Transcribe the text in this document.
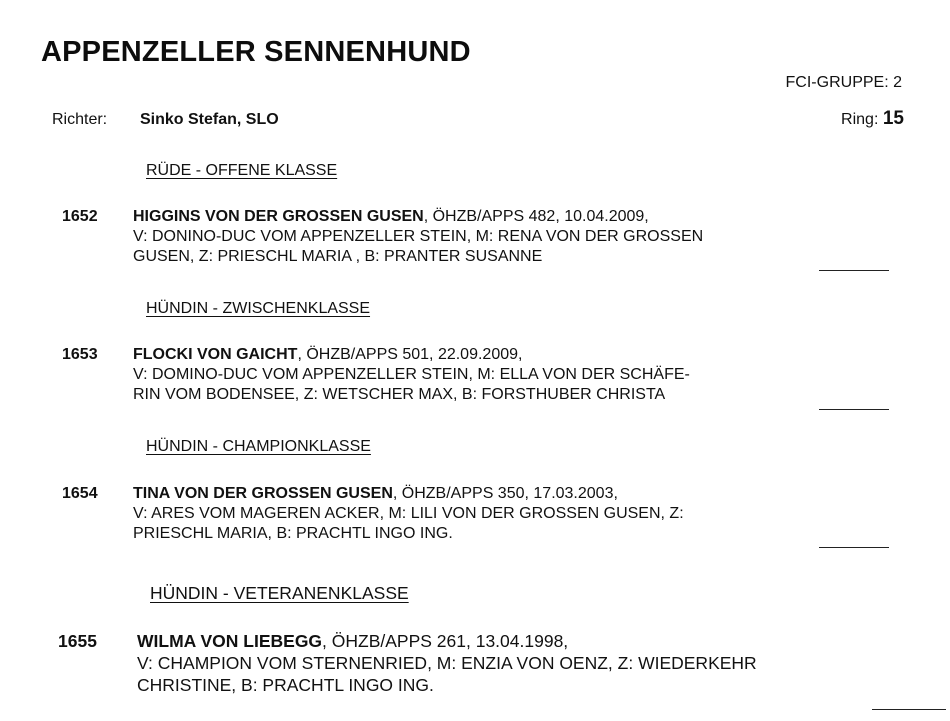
APPENZELLER SENNENHUND
FCI-GRUPPE: 2
Richter: Sinko Stefan, SLO	Ring: 15
RÜDE - OFFENE KLASSE
1652 HIGGINS VON DER GROSSEN GUSEN, ÖHZB/APPS 482, 10.04.2009,
V: DONINO-DUC VOM APPENZELLER STEIN, M: RENA VON DER GROSSEN
GUSEN, Z: PRIESCHL MARIA , B: PRANTER SUSANNE
HÜNDIN - ZWISCHENKLASSE
1653 FLOCKI VON GAICHT, ÖHZB/APPS 501, 22.09.2009,
V: DOMINO-DUC VOM APPENZELLER STEIN, M: ELLA VON DER SCHÄFE-
RIN VOM BODENSEE, Z: WETSCHER MAX, B: FORSTHUBER CHRISTA
HÜNDIN - CHAMPIONKLASSE
1654 TINA VON DER GROSSEN GUSEN, ÖHZB/APPS 350, 17.03.2003,
V: ARES VOM MAGEREN ACKER, M: LILI VON DER GROSSEN GUSEN, Z:
PRIESCHL MARIA, B: PRACHTL INGO ING.
HÜNDIN - VETERANENKLASSE
1655 WILMA VON LIEBEGG, ÖHZB/APPS 261, 13.04.1998,
V: CHAMPION VOM STERNENRIED, M: ENZIA VON OENZ, Z: WIEDERKEHR
CHRISTINE, B: PRACHTL INGO ING.
